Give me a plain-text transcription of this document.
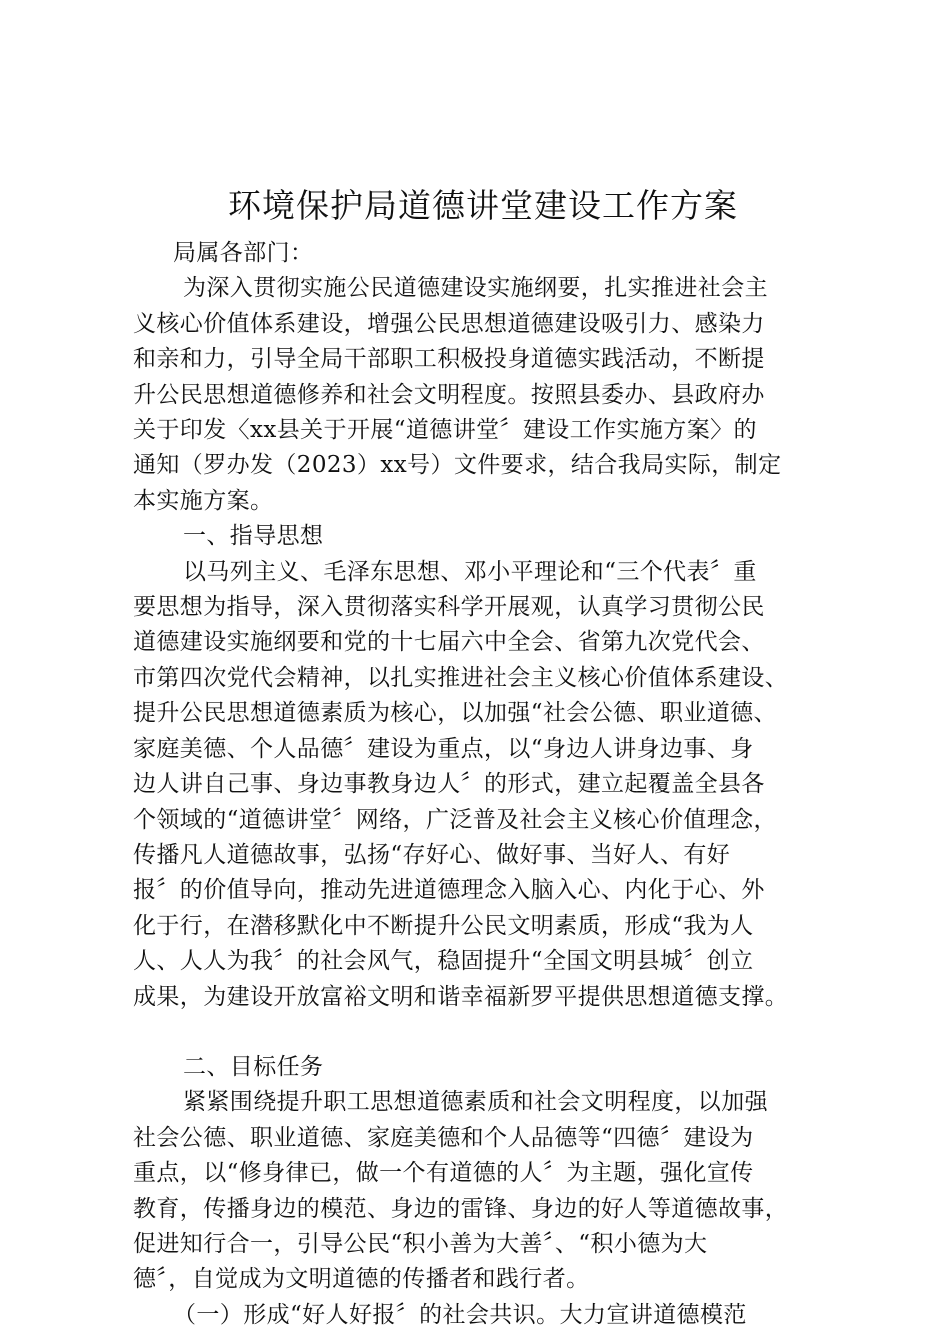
环境保护局道德讲堂建设工作方案
局属各部门：
为深入贯彻实施公民道德建设实施纲要，扎实推进社会主
义核心价值体系建设，增强公民思想道德建设吸引力、感染力
和亲和力，引导全局干部职工积极投身道德实践活动，不断提
升公民思想道德修养和社会文明程度。按照县委办、县政府办
关于印发〈xx县关于开展“道德讲堂〞建设工作实施方案〉的
通知（罗办发（2023）xx号）文件要求，结合我局实际，制定
本实施方案。
一、指导思想
以马列主义、毛泽东思想、邓小平理论和“三个代表〞重
要思想为指导，深入贯彻落实科学开展观，认真学习贯彻公民
道德建设实施纲要和党的十七届六中全会、省第九次党代会、
市第四次党代会精神，以扎实推进社会主义核心价值体系建设、
提升公民思想道德素质为核心，以加强“社会公德、职业道德、
家庭美德、个人品德〞建设为重点，以“身边人讲身边事、身
边人讲自己事、身边事教身边人〞的形式，建立起覆盖全县各
个领域的“道德讲堂〞网络，广泛普及社会主义核心价值理念，
传播凡人道德故事，弘扬“存好心、做好事、当好人、有好
报〞的价值导向，推动先进道德理念入脑入心、内化于心、外
化于行，在潜移默化中不断提升公民文明素质，形成“我为人
人、人人为我〞的社会风气，稳固提升“全国文明县城〞创立
成果，为建设开放富裕文明和谐幸福新罗平提供思想道德支撑。
二、目标任务
紧紧围绕提升职工思想道德素质和社会文明程度，以加强
社会公德、职业道德、家庭美德和个人品德等“四德〞建设为
重点，以“修身律已，做一个有道德的人〞为主题，强化宣传
教育，传播身边的模范、身边的雷锋、身边的好人等道德故事，
促进知行合一，引导公民“积小善为大善〞、“积小德为大
德〞，自觉成为文明道德的传播者和践行者。
（一）形成“好人好报〞的社会共识。大力宣讲道德模范
